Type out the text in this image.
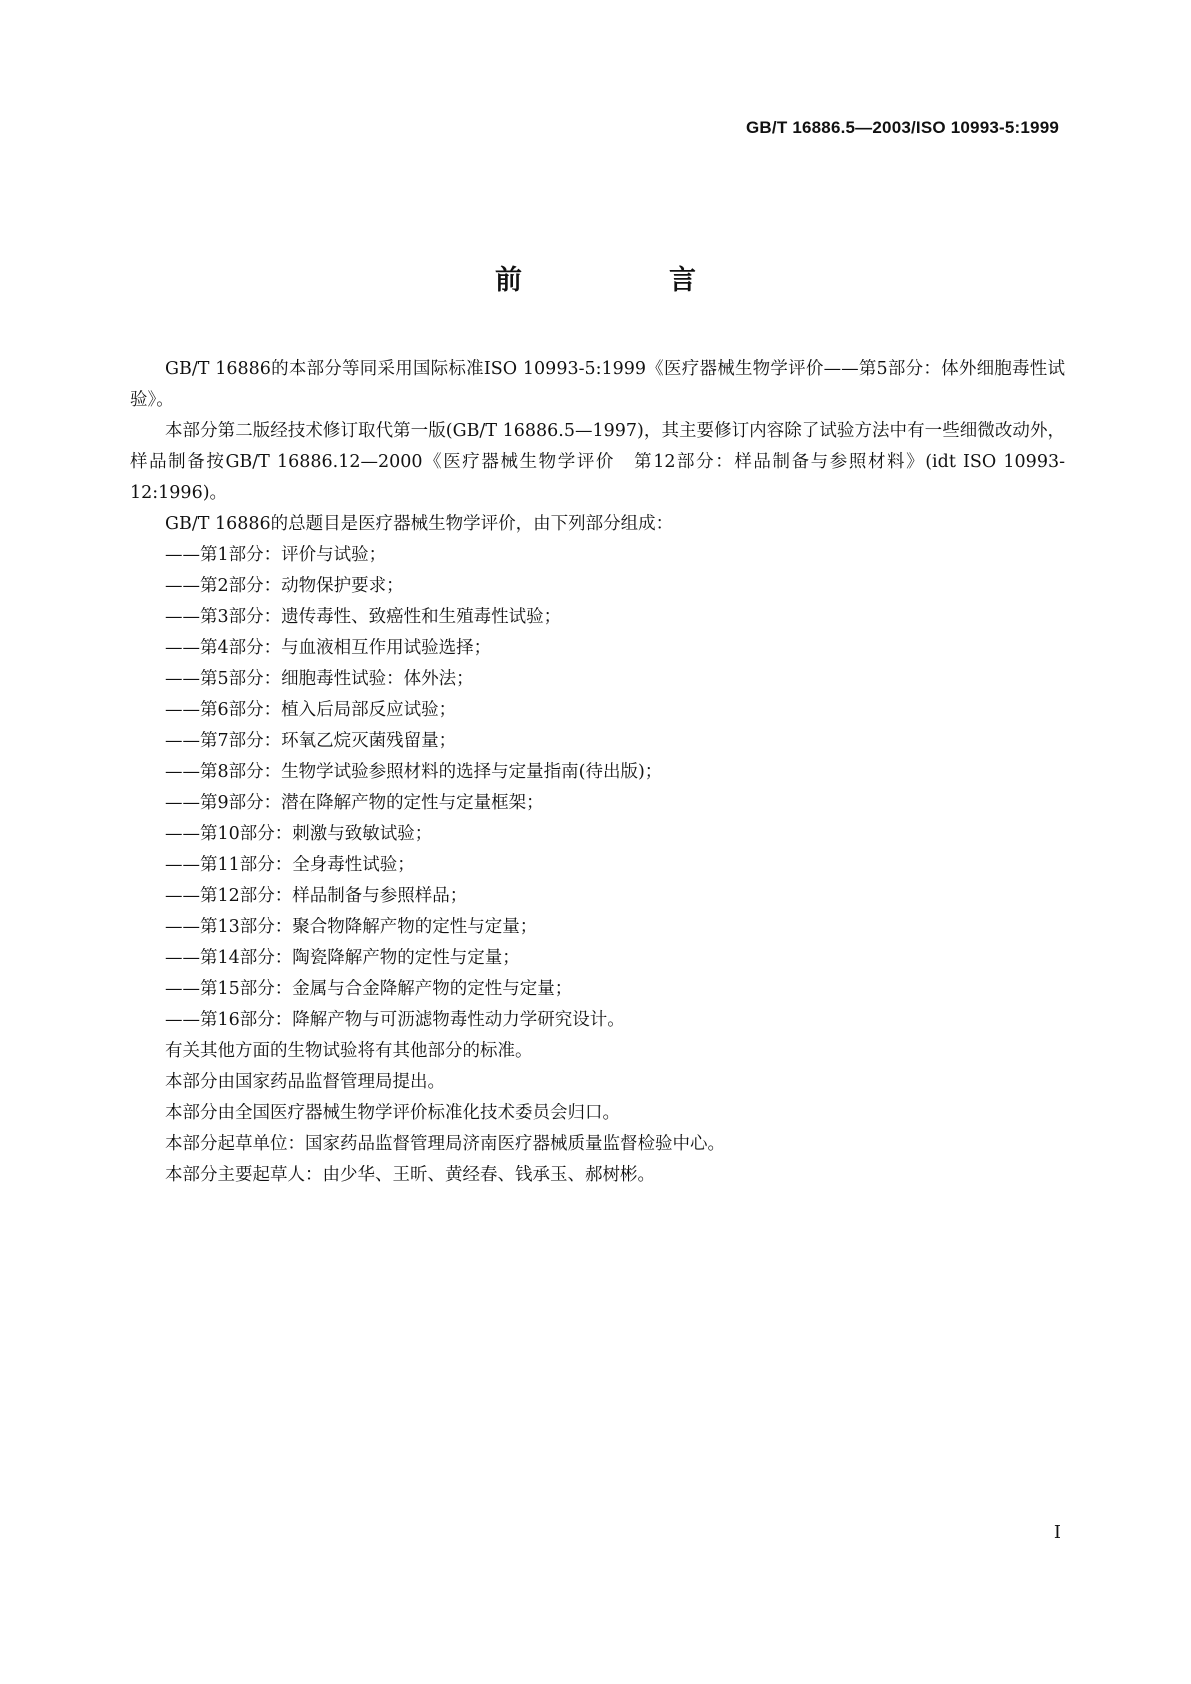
GB/T 16886.5—2003/ISO 10993-5:1999
前　言

GB/T 16886的本部分等同采用国际标准ISO 10993-5:1999《医疗器械生物学评价——第5部分：体外细胞毒性试验》。

本部分第二版经技术修订取代第一版(GB/T 16886.5—1997)，其主要修订内容除了试验方法中有一些细微改动外，样品制备按GB/T 16886.12—2000《医疗器械生物学评价　第12部分：样品制备与参照材料》(idt ISO 10993-12:1996)。

GB/T 16886的总题目是医疗器械生物学评价，由下列部分组成：

——第1部分：评价与试验；

——第2部分：动物保护要求；

——第3部分：遗传毒性、致癌性和生殖毒性试验；

——第4部分：与血液相互作用试验选择；

——第5部分：细胞毒性试验：体外法；

——第6部分：植入后局部反应试验；

——第7部分：环氧乙烷灭菌残留量；

——第8部分：生物学试验参照材料的选择与定量指南(待出版)；

——第9部分：潜在降解产物的定性与定量框架；

——第10部分：刺激与致敏试验；

——第11部分：全身毒性试验；

——第12部分：样品制备与参照样品；

——第13部分：聚合物降解产物的定性与定量；

——第14部分：陶瓷降解产物的定性与定量；

——第15部分：金属与合金降解产物的定性与定量；

——第16部分：降解产物与可沥滤物毒性动力学研究设计。

有关其他方面的生物试验将有其他部分的标准。

本部分由国家药品监督管理局提出。

本部分由全国医疗器械生物学评价标准化技术委员会归口。

本部分起草单位：国家药品监督管理局济南医疗器械质量监督检验中心。

本部分主要起草人：由少华、王昕、黄经春、钱承玉、郝树彬。

I
